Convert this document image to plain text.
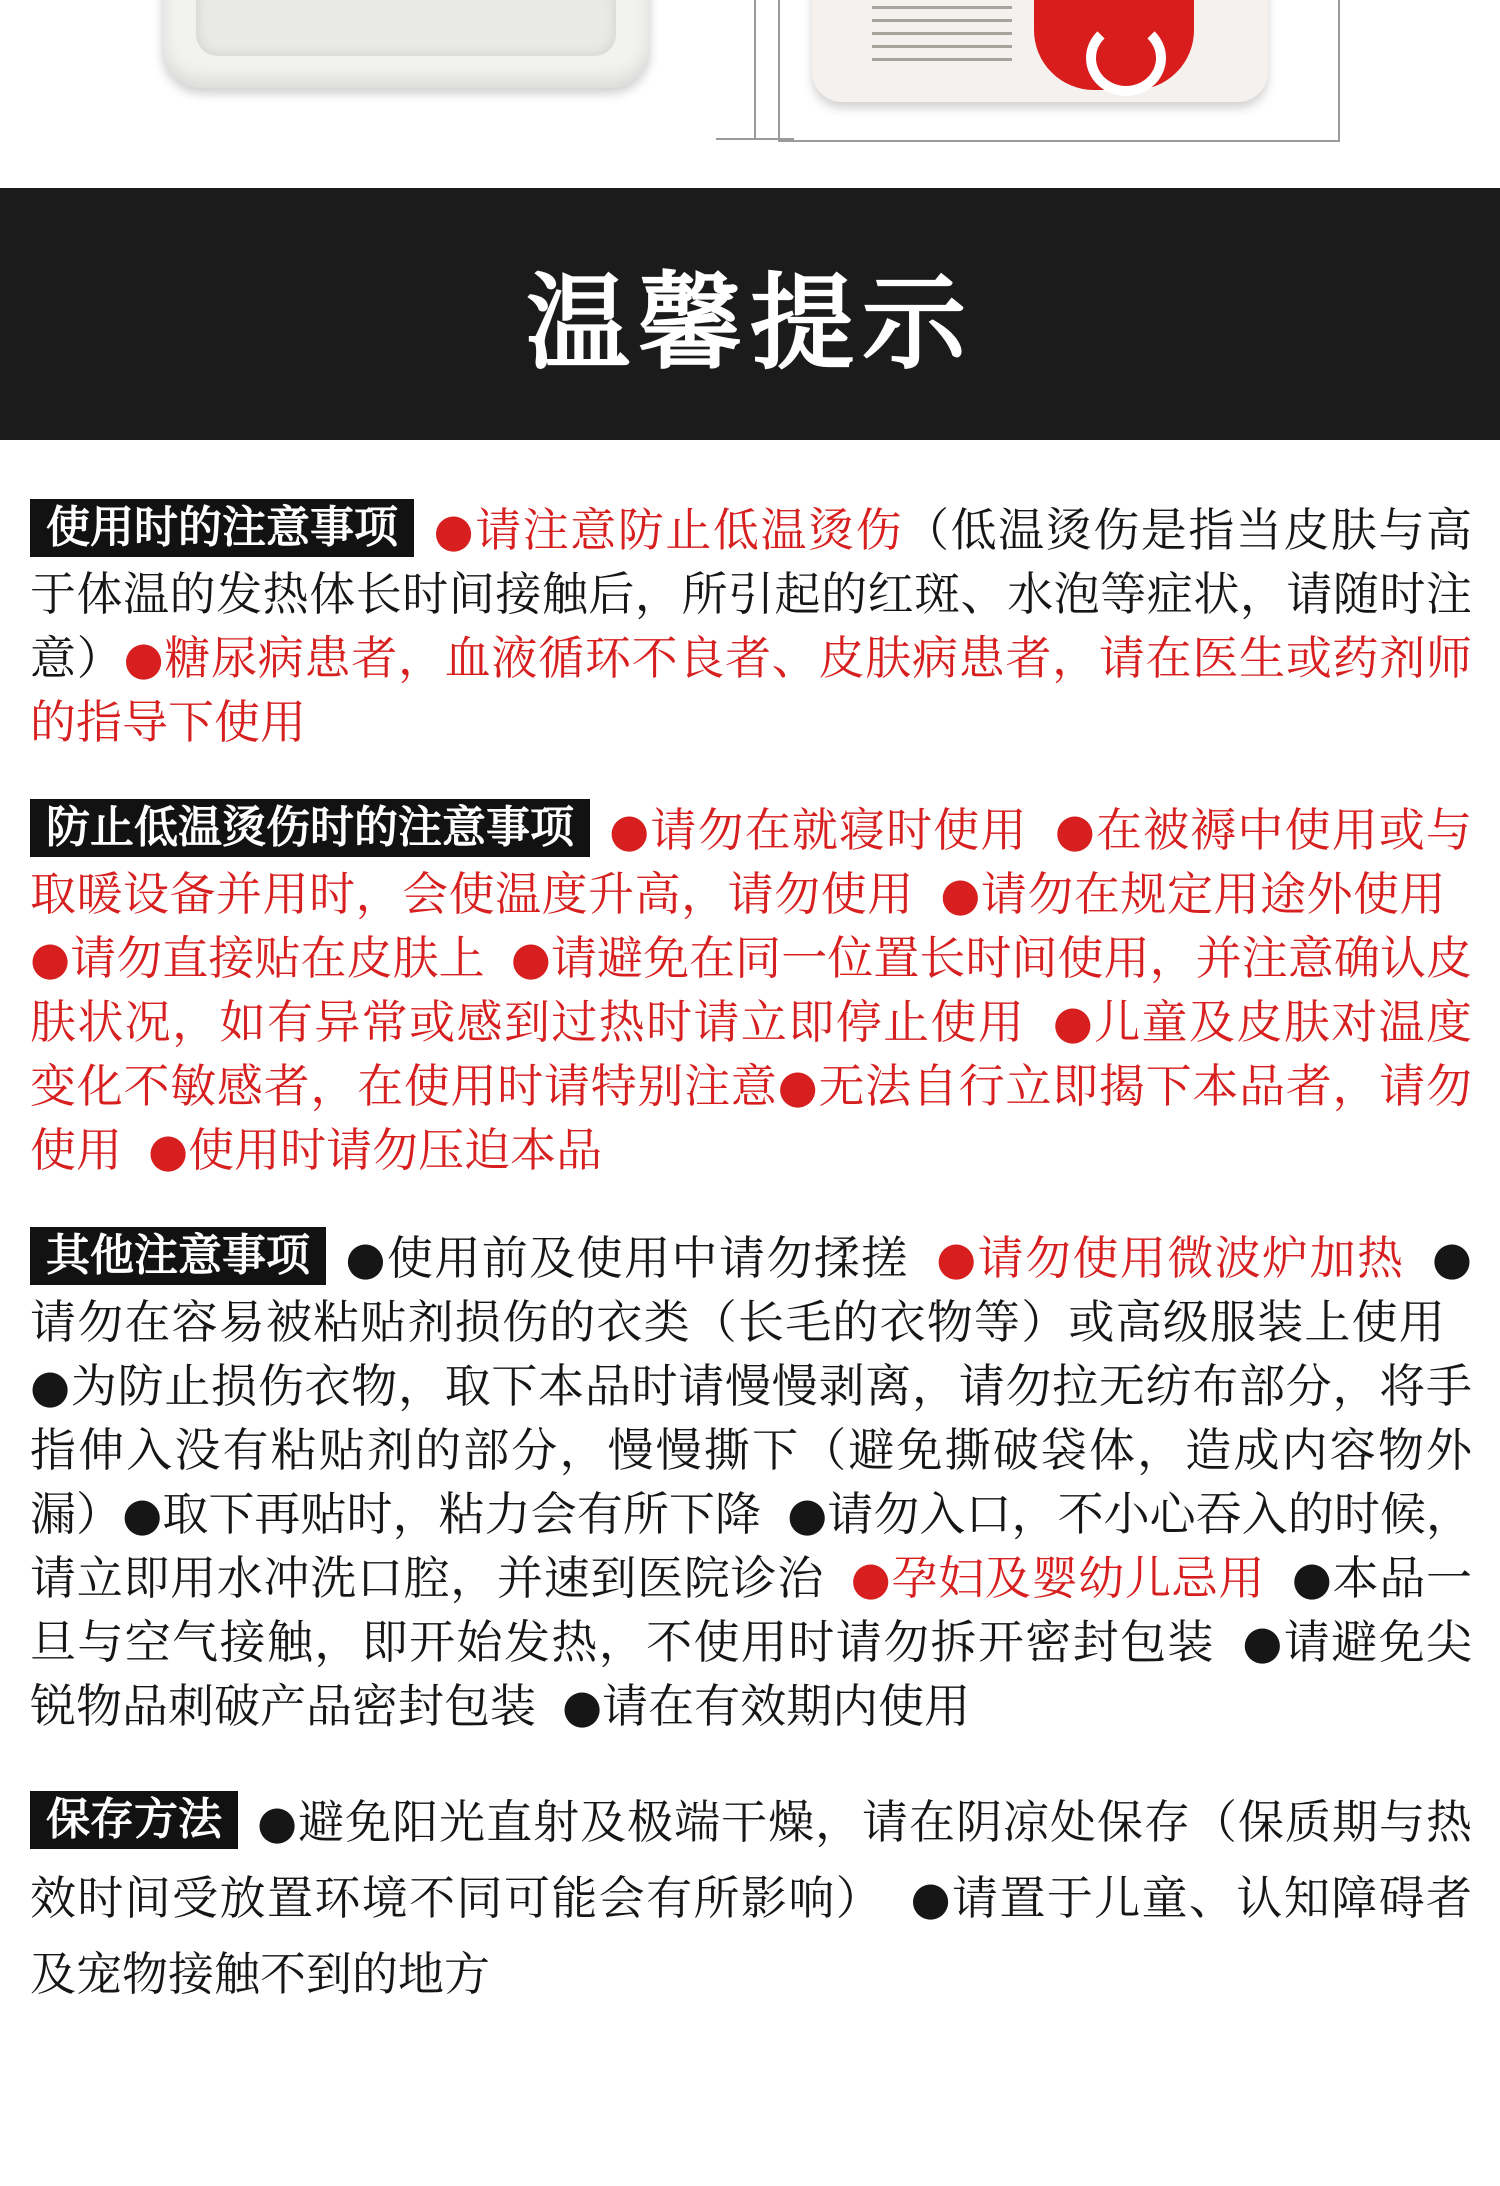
温馨提示
使用时的注意事项 ●请注意防止低温烫伤（低温烫伤是指当皮肤与高于体温的发热体长时间接触后，所引起的红斑、水泡等症状，请随时注意）●糖尿病患者，血液循环不良者、皮肤病患者，请在医生或药剂师的指导下使用
防止低温烫伤时的注意事项 ●请勿在就寝时使用 ●在被褥中使用或与取暖设备并用时，会使温度升高，请勿使用 ●请勿在规定用途外使用●请勿直接贴在皮肤上 ●请避免在同一位置长时间使用，并注意确认皮肤状况，如有异常或感到过热时请立即停止使用 ●儿童及皮肤对温度变化不敏感者，在使用时请特别注意●无法自行立即揭下本品者，请勿使用 ●使用时请勿压迫本品
其他注意事项 ●使用前及使用中请勿揉搓 ●请勿使用微波炉加热 ●请勿在容易被粘贴剂损伤的衣类（长毛的衣物等）或高级服装上使用●为防止损伤衣物，取下本品时请慢慢剥离，请勿拉无纺布部分，将手指伸入没有粘贴剂的部分，慢慢撕下（避免撕破袋体，造成内容物外漏）●取下再贴时，粘力会有所下降 ●请勿入口，不小心吞入的时候，请立即用水冲洗口腔，并速到医院诊治 ●孕妇及婴幼儿忌用 ●本品一旦与空气接触，即开始发热，不使用时请勿拆开密封包装 ●请避免尖锐物品刺破产品密封包装 ●请在有效期内使用
保存方法 ●避免阳光直射及极端干燥，请在阴凉处保存（保质期与热效时间受放置环境不同可能会有所影响） ●请置于儿童、认知障碍者及宠物接触不到的地方
